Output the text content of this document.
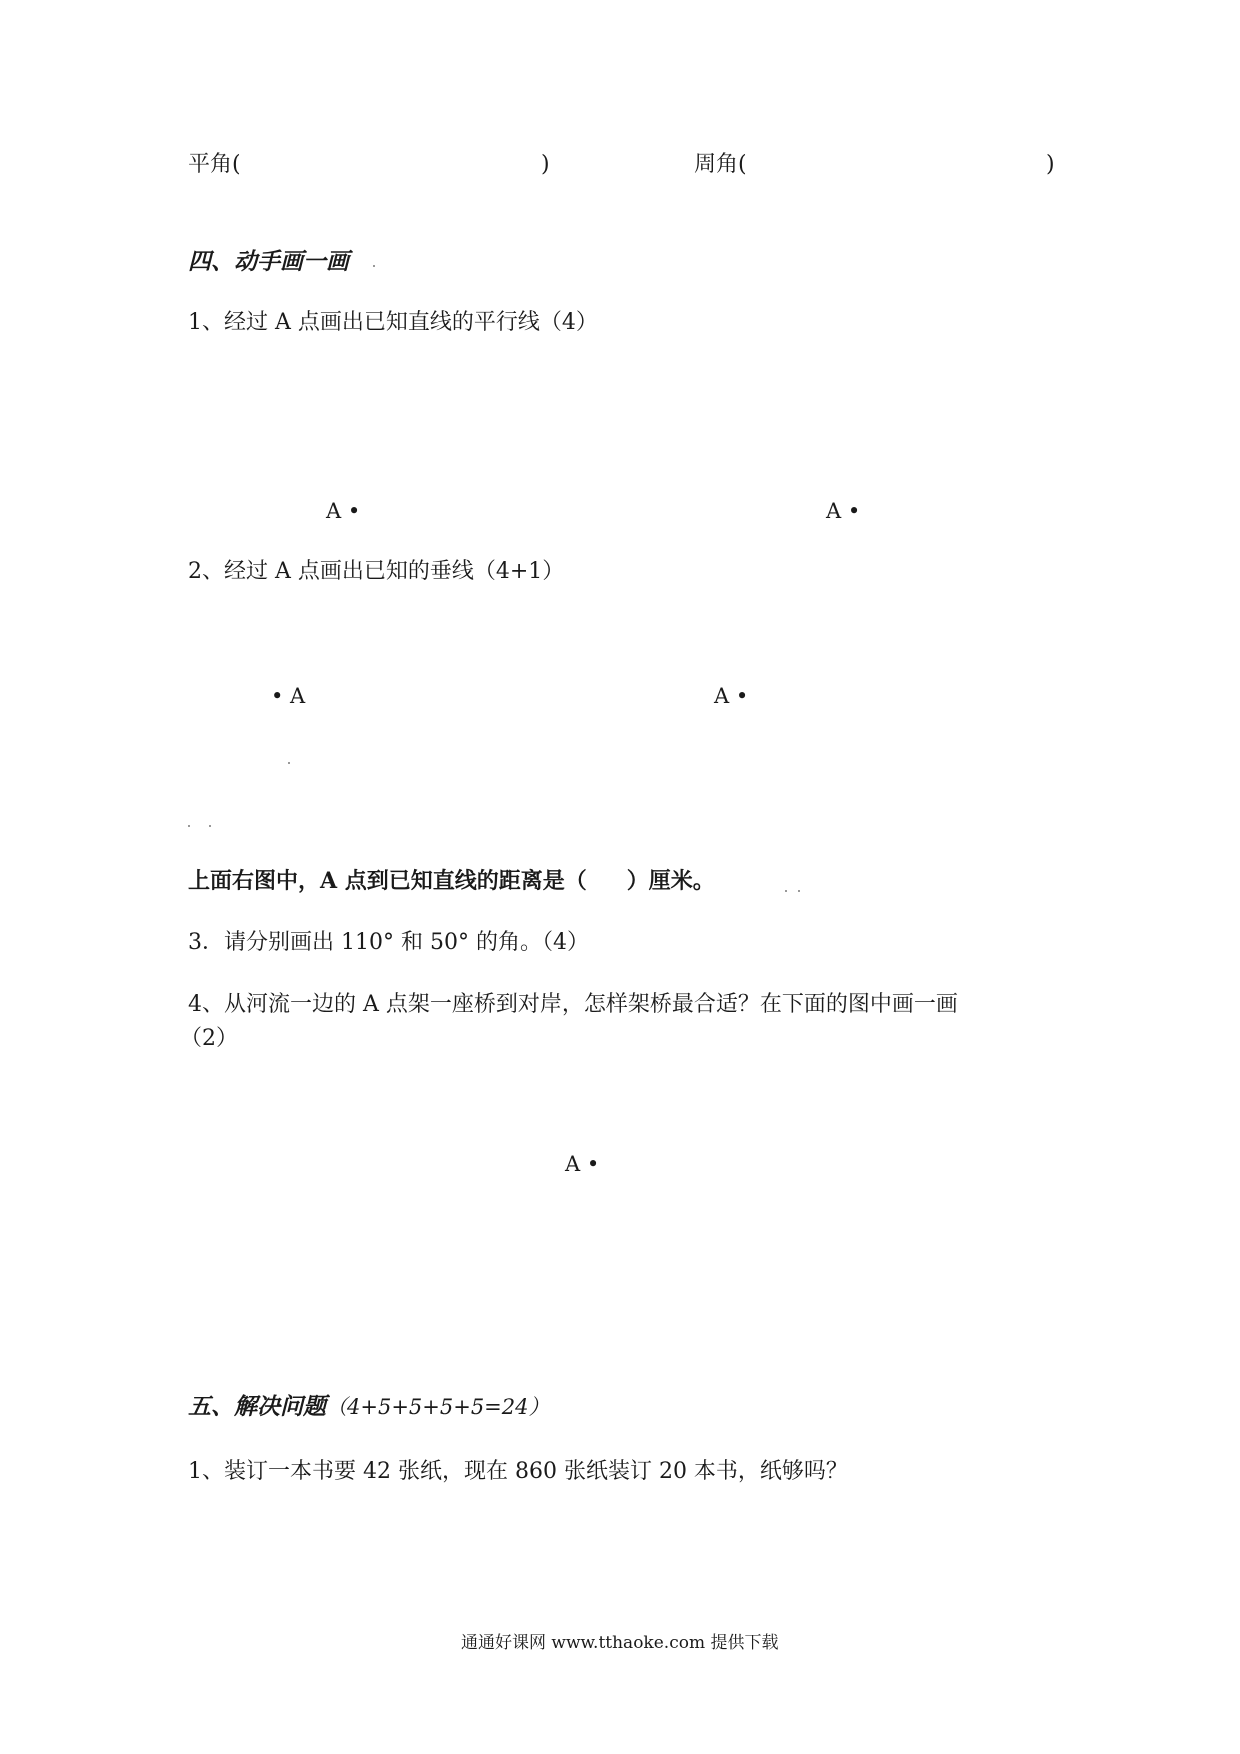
平角(	)	周角(	)
四、动手画一画
1、经过 A 点画出已知直线的平行线（4）
A •	A •
2、经过 A 点画出已知的垂线（4+1）
• A	A •
上面右图中，A 点到已知直线的距离是（ ）厘米。
3．请分别画出 110° 和 50° 的角。（4）
4、从河流一边的 A 点架一座桥到对岸，怎样架桥最合适？在下面的图中画一画
（2）
A •
五、解决问题（4+5+5+5+5=24）
1、装订一本书要 42 张纸，现在 860 张纸装订 20 本书，纸够吗？
通通好课网 www.tthaoke.com 提供下载
